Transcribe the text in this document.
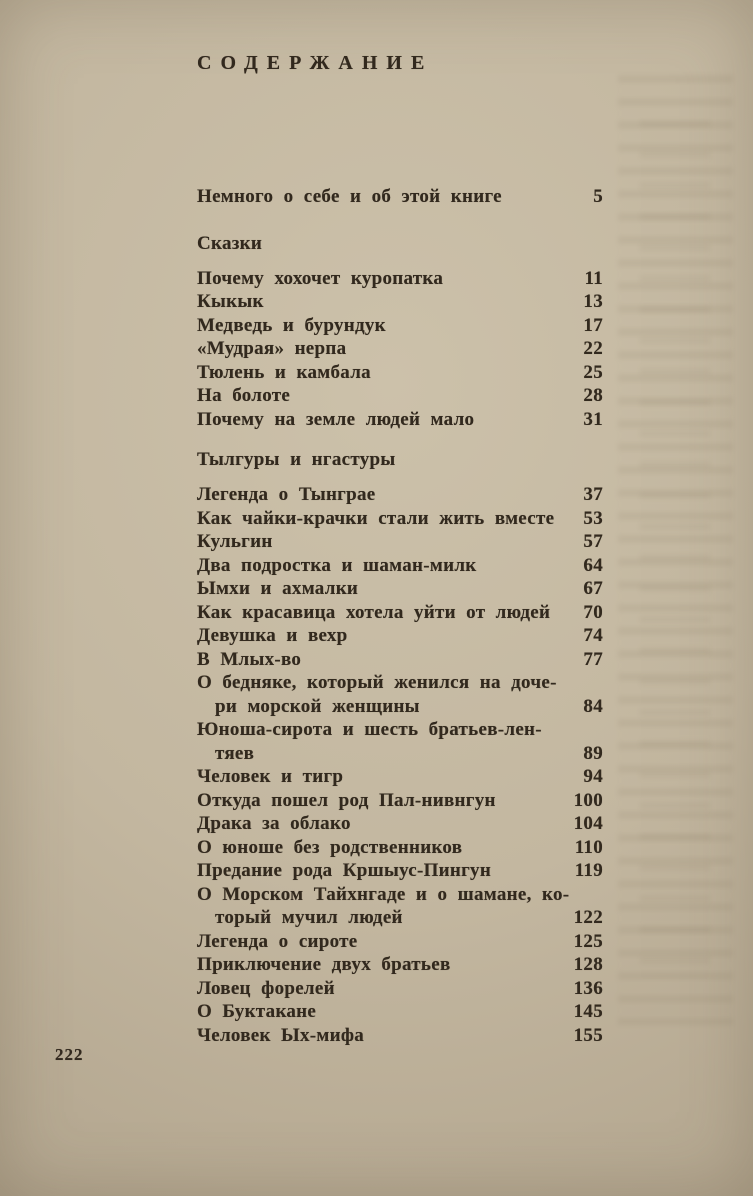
СОДЕРЖАНИЕ
Немного о себе и об этой книге	5
Сказки
Почему хохочет куропатка	11
Кыкык	13
Медведь и бурундук	17
«Мудрая» нерпа	22
Тюлень и камбала	25
На болоте	28
Почему на земле людей мало	31
Тылгуры и нгастуры
Легенда о Тынграе	37
Как чайки-крачки стали жить вместе 53
Кульгин	57
Два подростка и шаман-милк	64
Ымхи и ахмалки	67
Как красавица хотела уйти от людей 70
Девушка и вехр	74
В Млых-во	77
О бедняке, который женился на доче-
ри морской женщины	84
Юноша-сирота и шесть братьев-лен-
тяев	89
Человек и тигр	94
Откуда пошел род Пал-нивнгун	100
Драка за облако	104
О юноше без родственников	110
Предание рода Кршыус-Пингун	119
О Морском Тайхнгаде и о шамане, ко-
торый мучил людей	122
Легенда о сироте	125
Приключение двух братьев	128
Ловец форелей	136
О Буктакане	145
Человек Ых-мифа	155
222
